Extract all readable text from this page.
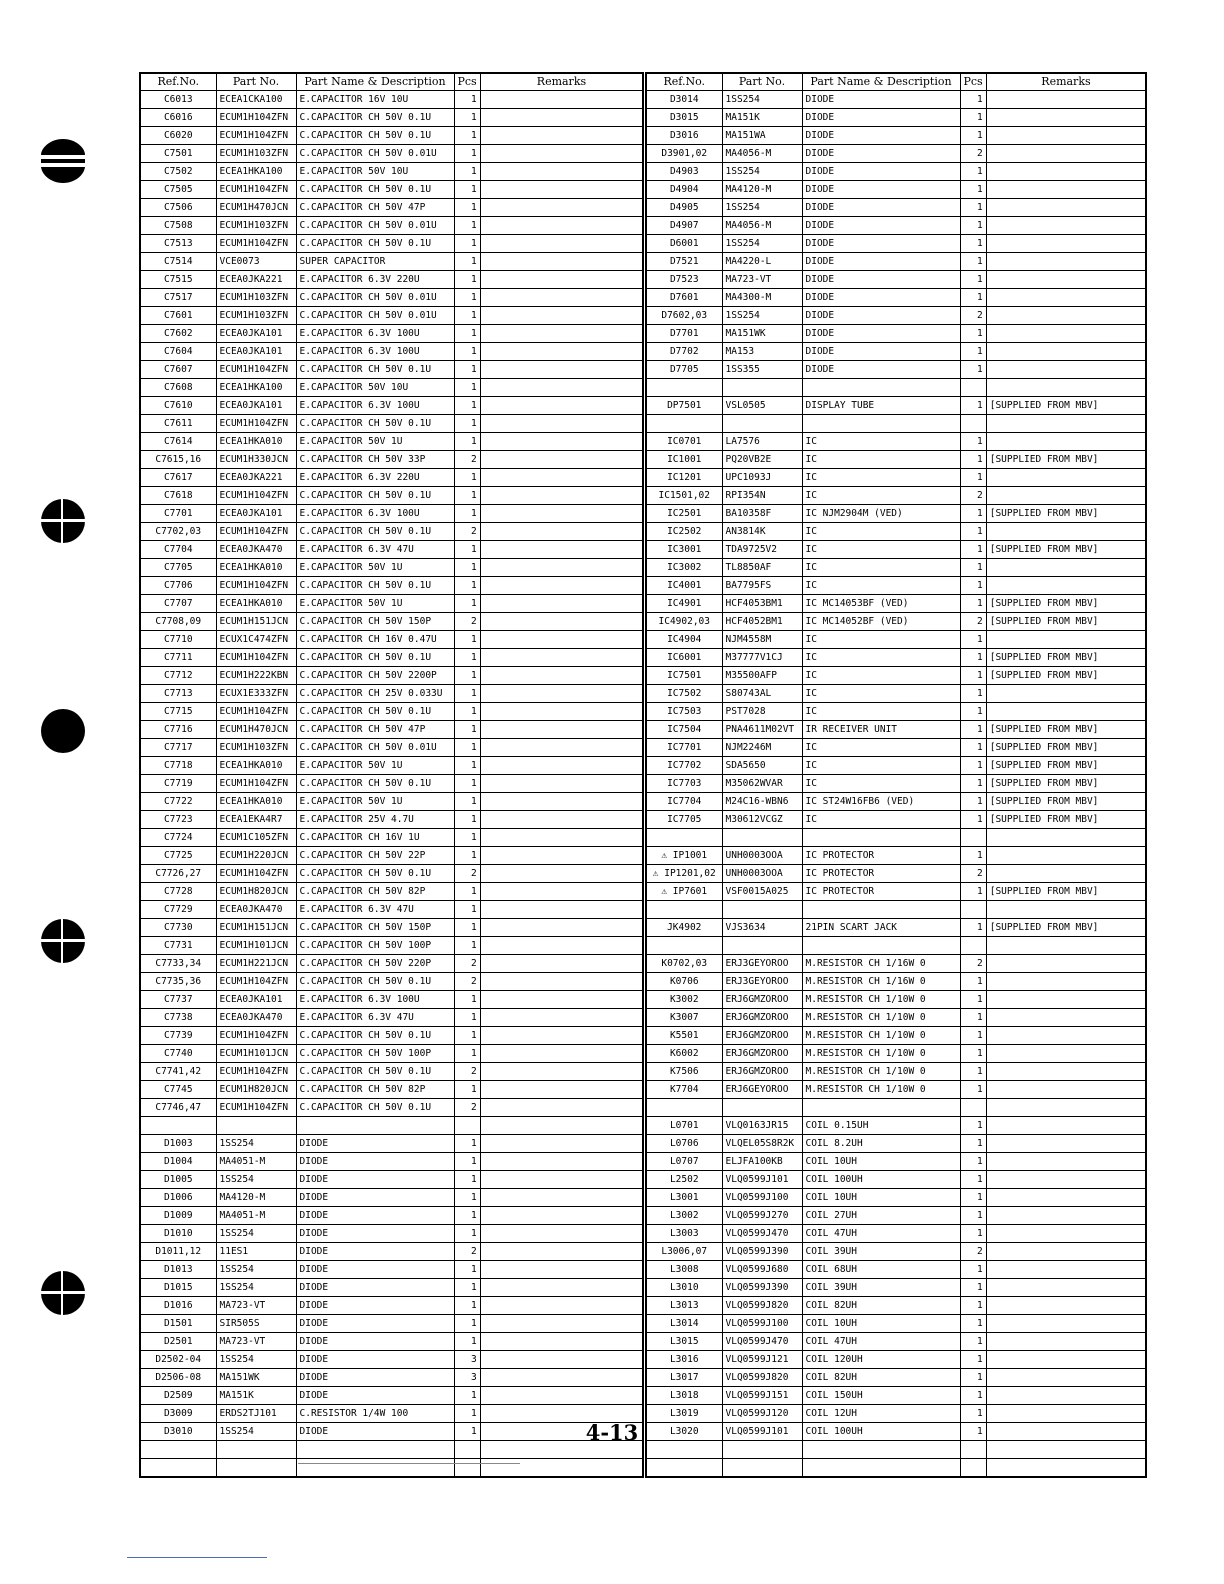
Ref.No.	Part No.	Part Name & Description	Pcs	Remarks
C6013	ECEA1CKA100	E.CAPACITOR 16V 10U	1	
C6016	ECUM1H104ZFN	C.CAPACITOR CH 50V 0.1U	1	
C6020	ECUM1H104ZFN	C.CAPACITOR CH 50V 0.1U	1	
C7501	ECUM1H103ZFN	C.CAPACITOR CH 50V 0.01U	1	
C7502	ECEA1HKA100	E.CAPACITOR 50V 10U	1	
C7505	ECUM1H104ZFN	C.CAPACITOR CH 50V 0.1U	1	
C7506	ECUM1H470JCN	C.CAPACITOR CH 50V 47P	1	
C7508	ECUM1H103ZFN	C.CAPACITOR CH 50V 0.01U	1	
C7513	ECUM1H104ZFN	C.CAPACITOR CH 50V 0.1U	1	
C7514	VCE0073	SUPER CAPACITOR	1	
C7515	ECEA0JKA221	E.CAPACITOR 6.3V 220U	1	
C7517	ECUM1H103ZFN	C.CAPACITOR CH 50V 0.01U	1	
C7601	ECUM1H103ZFN	C.CAPACITOR CH 50V 0.01U	1	
C7602	ECEA0JKA101	E.CAPACITOR 6.3V 100U	1	
C7604	ECEA0JKA101	E.CAPACITOR 6.3V 100U	1	
C7607	ECUM1H104ZFN	C.CAPACITOR CH 50V 0.1U	1	
C7608	ECEA1HKA100	E.CAPACITOR 50V 10U	1	
C7610	ECEA0JKA101	E.CAPACITOR 6.3V 100U	1	
C7611	ECUM1H104ZFN	C.CAPACITOR CH 50V 0.1U	1	
C7614	ECEA1HKA010	E.CAPACITOR 50V 1U	1	
C7615,16	ECUM1H330JCN	C.CAPACITOR CH 50V 33P	2	
C7617	ECEA0JKA221	E.CAPACITOR 6.3V 220U	1	
C7618	ECUM1H104ZFN	C.CAPACITOR CH 50V 0.1U	1	
C7701	ECEA0JKA101	E.CAPACITOR 6.3V 100U	1	
C7702,03	ECUM1H104ZFN	C.CAPACITOR CH 50V 0.1U	2	
C7704	ECEA0JKA470	E.CAPACITOR 6.3V 47U	1	
C7705	ECEA1HKA010	E.CAPACITOR 50V 1U	1	
C7706	ECUM1H104ZFN	C.CAPACITOR CH 50V 0.1U	1	
C7707	ECEA1HKA010	E.CAPACITOR 50V 1U	1	
C7708,09	ECUM1H151JCN	C.CAPACITOR CH 50V 150P	2	
C7710	ECUX1C474ZFN	C.CAPACITOR CH 16V 0.47U	1	
C7711	ECUM1H104ZFN	C.CAPACITOR CH 50V 0.1U	1	
C7712	ECUM1H222KBN	C.CAPACITOR CH 50V 2200P	1	
C7713	ECUX1E333ZFN	C.CAPACITOR CH 25V 0.033U	1	
C7715	ECUM1H104ZFN	C.CAPACITOR CH 50V 0.1U	1	
C7716	ECUM1H470JCN	C.CAPACITOR CH 50V 47P	1	
C7717	ECUM1H103ZFN	C.CAPACITOR CH 50V 0.01U	1	
C7718	ECEA1HKA010	E.CAPACITOR 50V 1U	1	
C7719	ECUM1H104ZFN	C.CAPACITOR CH 50V 0.1U	1	
C7722	ECEA1HKA010	E.CAPACITOR 50V 1U	1	
C7723	ECEA1EKA4R7	E.CAPACITOR 25V 4.7U	1	
C7724	ECUM1C105ZFN	C.CAPACITOR CH 16V 1U	1	
C7725	ECUM1H220JCN	C.CAPACITOR CH 50V 22P	1	
C7726,27	ECUM1H104ZFN	C.CAPACITOR CH 50V 0.1U	2	
C7728	ECUM1H820JCN	C.CAPACITOR CH 50V 82P	1	
C7729	ECEA0JKA470	E.CAPACITOR 6.3V 47U	1	
C7730	ECUM1H151JCN	C.CAPACITOR CH 50V 150P	1	
C7731	ECUM1H101JCN	C.CAPACITOR CH 50V 100P	1	
C7733,34	ECUM1H221JCN	C.CAPACITOR CH 50V 220P	2	
C7735,36	ECUM1H104ZFN	C.CAPACITOR CH 50V 0.1U	2	
C7737	ECEA0JKA101	E.CAPACITOR 6.3V 100U	1	
C7738	ECEA0JKA470	E.CAPACITOR 6.3V 47U	1	
C7739	ECUM1H104ZFN	C.CAPACITOR CH 50V 0.1U	1	
C7740	ECUM1H101JCN	C.CAPACITOR CH 50V 100P	1	
C7741,42	ECUM1H104ZFN	C.CAPACITOR CH 50V 0.1U	2	
C7745	ECUM1H820JCN	C.CAPACITOR CH 50V 82P	1	
C7746,47	ECUM1H104ZFN	C.CAPACITOR CH 50V 0.1U	2	

D1003	1SS254	DIODE	1	
D1004	MA4051-M	DIODE	1	
D1005	1SS254	DIODE	1	
D1006	MA4120-M	DIODE	1	
D1009	MA4051-M	DIODE	1	
D1010	1SS254	DIODE	1	
D1011,12	11ES1	DIODE	2	
D1013	1SS254	DIODE	1	
D1015	1SS254	DIODE	1	
D1016	MA723-VT	DIODE	1	
D1501	SIR505S	DIODE	1	
D2501	MA723-VT	DIODE	1	
D2502-04	1SS254	DIODE	3	
D2506-08	MA151WK	DIODE	3	
D2509	MA151K	DIODE	1	
D3009	ERDS2TJ101	C.RESISTOR 1/4W 100	1	
D3010	1SS254	DIODE	1	

Ref.No.	Part No.	Part Name & Description	Pcs	Remarks
D3014	1SS254	DIODE	1	
D3015	MA151K	DIODE	1	
D3016	MA151WA	DIODE	1	
D3901,02	MA4056-M	DIODE	2	
D4903	1SS254	DIODE	1	
D4904	MA4120-M	DIODE	1	
D4905	1SS254	DIODE	1	
D4907	MA4056-M	DIODE	1	
D6001	1SS254	DIODE	1	
D7521	MA4220-L	DIODE	1	
D7523	MA723-VT	DIODE	1	
D7601	MA4300-M	DIODE	1	
D7602,03	1SS254	DIODE	2	
D7701	MA151WK	DIODE	1	
D7702	MA153	DIODE	1	
D7705	1SS355	DIODE	1	

DP7501	VSL0505	DISPLAY TUBE	1	[SUPPLIED FROM MBV]

IC0701	LA7576	IC	1	
IC1001	PQ20VB2E	IC	1	[SUPPLIED FROM MBV]
IC1201	UPC1093J	IC	1	
IC1501,02	RPI354N	IC	2	
IC2501	BA10358F	IC NJM2904M (VED)	1	[SUPPLIED FROM MBV]
IC2502	AN3814K	IC	1	
IC3001	TDA9725V2	IC	1	[SUPPLIED FROM MBV]
IC3002	TL8850AF	IC	1	
IC4001	BA7795FS	IC	1	
IC4901	HCF4053BM1	IC MC14053BF (VED)	1	[SUPPLIED FROM MBV]
IC4902,03	HCF4052BM1	IC MC14052BF (VED)	2	[SUPPLIED FROM MBV]
IC4904	NJM4558M	IC	1	
IC6001	M37777V1CJ	IC	1	[SUPPLIED FROM MBV]
IC7501	M35500AFP	IC	1	[SUPPLIED FROM MBV]
IC7502	S80743AL	IC	1	
IC7503	PST7028	IC	1	
IC7504	PNA4611M02VT	IR RECEIVER UNIT	1	[SUPPLIED FROM MBV]
IC7701	NJM2246M	IC	1	[SUPPLIED FROM MBV]
IC7702	SDA5650	IC	1	[SUPPLIED FROM MBV]
IC7703	M35062WVAR	IC	1	[SUPPLIED FROM MBV]
IC7704	M24C16-WBN6	IC ST24W16FB6 (VED)	1	[SUPPLIED FROM MBV]
IC7705	M30612VCGZ	IC	1	[SUPPLIED FROM MBV]

⚠ IP1001	UNH0003OOA	IC PROTECTOR	1	
⚠ IP1201,02	UNH0003OOA	IC PROTECTOR	2	
⚠ IP7601	VSF0015A025	IC PROTECTOR	1	[SUPPLIED FROM MBV]

JK4902	VJS3634	21PIN SCART JACK	1	[SUPPLIED FROM MBV]

K0702,03	ERJ3GEYOROO	M.RESISTOR CH 1/16W 0	2	
K0706	ERJ3GEYOROO	M.RESISTOR CH 1/16W 0	1	
K3002	ERJ6GMZOROO	M.RESISTOR CH 1/10W 0	1	
K3007	ERJ6GMZOROO	M.RESISTOR CH 1/10W 0	1	
K5501	ERJ6GMZOROO	M.RESISTOR CH 1/10W 0	1	
K6002	ERJ6GMZOROO	M.RESISTOR CH 1/10W 0	1	
K7506	ERJ6GMZOROO	M.RESISTOR CH 1/10W 0	1	
K7704	ERJ6GEYOROO	M.RESISTOR CH 1/10W 0	1	

L0701	VLQ0163JR15	COIL 0.15UH	1	
L0706	VLQEL05S8R2K	COIL 8.2UH	1	
L0707	ELJFA100KB	COIL 10UH	1	
L2502	VLQ0599J101	COIL 100UH	1	
L3001	VLQ0599J100	COIL 10UH	1	
L3002	VLQ0599J270	COIL 27UH	1	
L3003	VLQ0599J470	COIL 47UH	1	
L3006,07	VLQ0599J390	COIL 39UH	2	
L3008	VLQ0599J680	COIL 68UH	1	
L3010	VLQ0599J390	COIL 39UH	1	
L3013	VLQ0599J820	COIL 82UH	1	
L3014	VLQ0599J100	COIL 10UH	1	
L3015	VLQ0599J470	COIL 47UH	1	
L3016	VLQ0599J121	COIL 120UH	1	
L3017	VLQ0599J820	COIL 82UH	1	
L3018	VLQ0599J151	COIL 150UH	1	
L3019	VLQ0599J120	COIL 12UH	1	
L3020	VLQ0599J101	COIL 100UH	1	

4-13
